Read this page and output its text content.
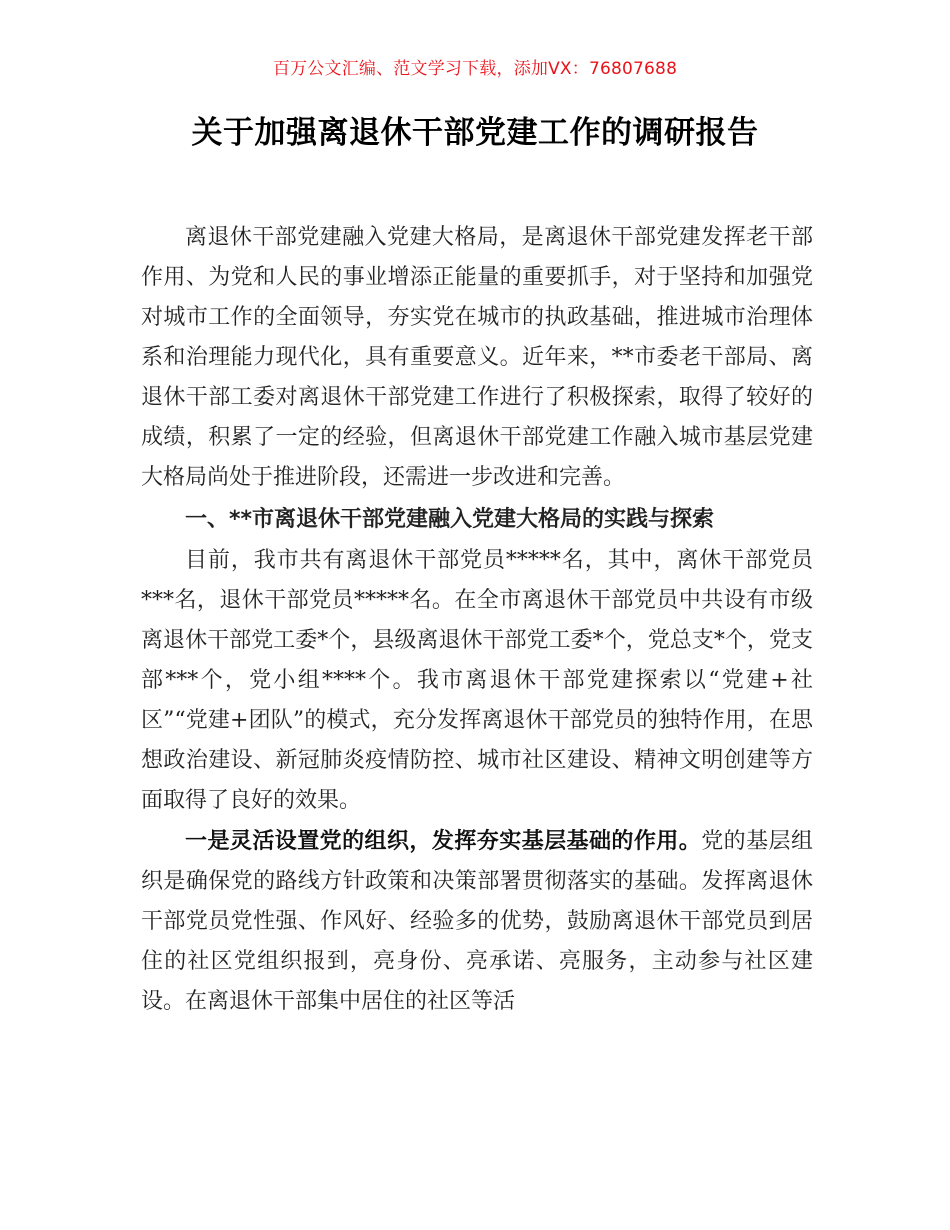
百万公文汇编、范文学习下载，添加VX：76807688
关于加强离退休干部党建工作的调研报告

离退休干部党建融入党建大格局，是离退休干部党建发挥老干部作用、为党和人民的事业增添正能量的重要抓手，对于坚持和加强党对城市工作的全面领导，夯实党在城市的执政基础，推进城市治理体系和治理能力现代化，具有重要意义。近年来，**市委老干部局、离退休干部工委对离退休干部党建工作进行了积极探索，取得了较好的成绩，积累了一定的经验，但离退休干部党建工作融入城市基层党建大格局尚处于推进阶段，还需进一步改进和完善。

一、**市离退休干部党建融入党建大格局的实践与探索

目前，我市共有离退休干部党员*****名，其中，离休干部党员***名，退休干部党员*****名。在全市离退休干部党员中共设有市级离退休干部党工委*个，县级离退休干部党工委*个，党总支*个，党支部***个，党小组****个。我市离退休干部党建探索以“党建+社区”“党建+团队”的模式，充分发挥离退休干部党员的独特作用，在思想政治建设、新冠肺炎疫情防控、城市社区建设、精神文明创建等方面取得了良好的效果。

一是灵活设置党的组织，发挥夯实基层基础的作用。党的基层组织是确保党的路线方针政策和决策部署贯彻落实的基础。发挥离退休干部党员党性强、作风好、经验多的优势，鼓励离退休干部党员到居住的社区党组织报到，亮身份、亮承诺、亮服务，主动参与社区建设。在离退休干部集中居住的社区等活
